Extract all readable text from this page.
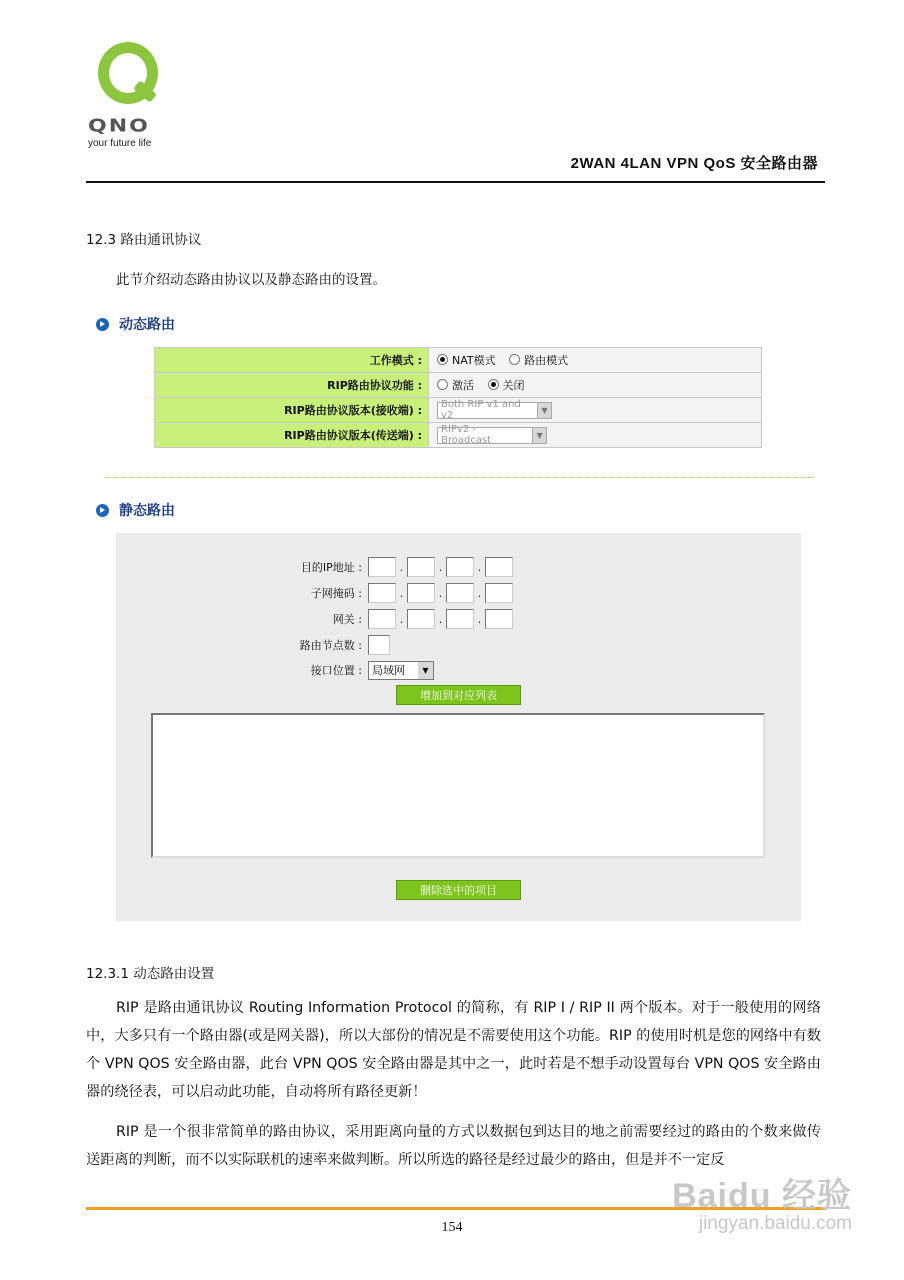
QNO
your future life
2WAN 4LAN VPN QoS 安全路由器
12.3 路由通讯协议
此节介绍动态路由协议以及静态路由的设置。
动态路由
工作模式 :	NAT模式 路由模式
RIP路由协议功能 :	激活 关闭
RIP路由协议版本(接收端) :	Both RIP v1 and v2 ▼

RIP路由协议版本(传送端) :	RIPv2 - Broadcast ▼
静态路由
目的IP地址 :	.	.	.
子网掩码 :	.	.	.
网关 :	.	.	.
路由节点数 :
接口位置 : 局域网	▼
增加到对应列表
删除选中的项目
12.3.1 动态路由设置
RIP 是路由通讯协议 Routing Information Protocol 的简称，有 RIP I / RIP II 两个版本。对于一般使用的网络中，大多只有一个路由器(或是网关器)，所以大部份的情况是不需要使用这个功能。RIP 的使用时机是您的网络中有数个 VPN QOS 安全路由器，此台 VPN QOS 安全路由器是其中之一，此时若是不想手动设置每台 VPN QOS 安全路由器的绕径表，可以启动此功能，自动将所有路径更新！
RIP 是一个很非常简单的路由协议，采用距离向量的方式以数据包到达目的地之前需要经过的路由的个数来做传送距离的判断，而不以实际联机的速率来做判断。所以所选的路径是经过最少的路由，但是并不一定反
154
Baidu 经验
jingyan.baidu.com
